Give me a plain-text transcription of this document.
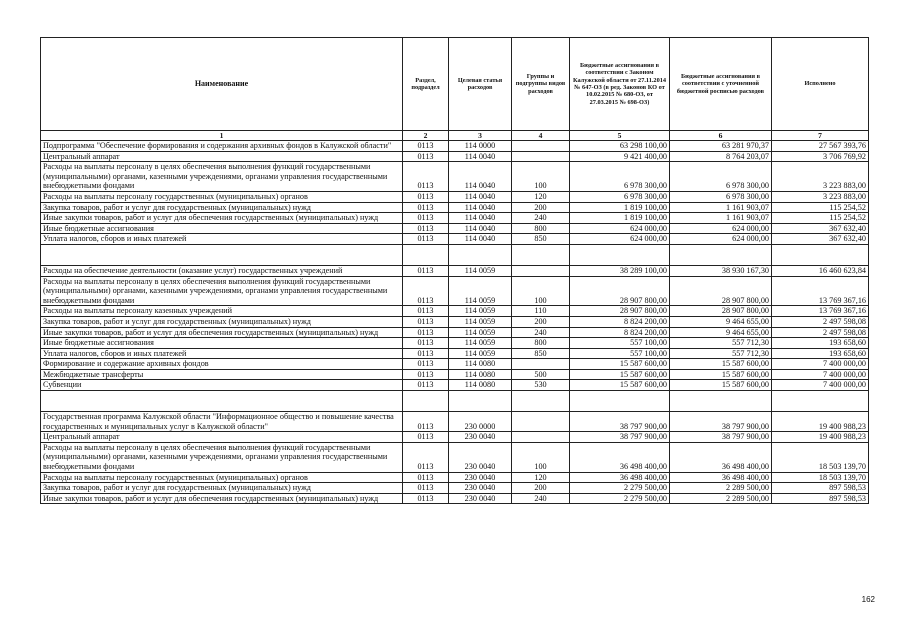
Наименование	Раздел, подраздел	Целевая статья расходов	Группы и подгруппы видов расходов	Бюджетные ассигнования в соответствии с Законом Калужской области от 27.11.2014 № 647-ОЗ (в ред. Законов КО от 10.02.2015 № 680-ОЗ, от 27.03.2015 № 698-ОЗ)	Бюджетные ассигнования в соответствии с уточненной бюджетной росписью расходов	Исполнено
1	2	3	4	5	6	7
Подпрограмма "Обеспечение формирования и содержания архивных фондов в Калужской области"	0113	114 0000		63 298 100,00	63 281 970,37	27 567 393,76
Центральный аппарат	0113	114 0040		9 421 400,00	8 764 203,07	3 706 769,92
Расходы на выплаты персоналу в целях обеспечения выполнения функций государственными (муниципальными) органами, казенными учреждениями, органами управления государственными внебюджетными фондами	0113	114 0040	100	6 978 300,00	6 978 300,00	3 223 883,00
Расходы на выплаты персоналу государственных (муниципальных) органов	0113	114 0040	120	6 978 300,00	6 978 300,00	3 223 883,00
Закупка товаров, работ и услуг для государственных (муниципальных) нужд	0113	114 0040	200	1 819 100,00	1 161 903,07	115 254,52
Иные закупки товаров, работ и услуг для обеспечения государственных (муниципальных) нужд	0113	114 0040	240	1 819 100,00	1 161 903,07	115 254,52
Иные бюджетные ассигнования	0113	114 0040	800	624 000,00	624 000,00	367 632,40
Уплата налогов, сборов и иных платежей	0113	114 0040	850	624 000,00	624 000,00	367 632,40

Расходы на обеспечение деятельности (оказание услуг) государственных учреждений	0113	114 0059		38 289 100,00	38 930 167,30	16 460 623,84
Расходы на выплаты персоналу в целях обеспечения выполнения функций государственными (муниципальными) органами, казенными учреждениями, органами управления государственными внебюджетными фондами	0113	114 0059	100	28 907 800,00	28 907 800,00	13 769 367,16
Расходы на выплаты персоналу казенных учреждений	0113	114 0059	110	28 907 800,00	28 907 800,00	13 769 367,16
Закупка товаров, работ и услуг для государственных (муниципальных) нужд	0113	114 0059	200	8 824 200,00	9 464 655,00	2 497 598,08
Иные закупки товаров, работ и услуг для обеспечения государственных (муниципальных) нужд	0113	114 0059	240	8 824 200,00	9 464 655,00	2 497 598,08
Иные бюджетные ассигнования	0113	114 0059	800	557 100,00	557 712,30	193 658,60
Уплата налогов, сборов и иных платежей	0113	114 0059	850	557 100,00	557 712,30	193 658,60
Формирование и содержание архивных фондов	0113	114 0080		15 587 600,00	15 587 600,00	7 400 000,00
Межбюджетные трансферты	0113	114 0080	500	15 587 600,00	15 587 600,00	7 400 000,00
Субвенции	0113	114 0080	530	15 587 600,00	15 587 600,00	7 400 000,00

Государственная программа Калужской области "Информационное общество и повышение качества государственных и муниципальных услуг в Калужской области"	0113	230 0000		38 797 900,00	38 797 900,00	19 400 988,23
Центральный аппарат	0113	230 0040		38 797 900,00	38 797 900,00	19 400 988,23
Расходы на выплаты персоналу в целях обеспечения выполнения функций государственными (муниципальными) органами, казенными учреждениями, органами управления государственными внебюджетными фондами	0113	230 0040	100	36 498 400,00	36 498 400,00	18 503 139,70
Расходы на выплаты персоналу государственных (муниципальных) органов	0113	230 0040	120	36 498 400,00	36 498 400,00	18 503 139,70
Закупка товаров, работ и услуг для государственных (муниципальных) нужд	0113	230 0040	200	2 279 500,00	2 289 500,00	897 598,53
Иные закупки товаров, работ и услуг для обеспечения государственных (муниципальных) нужд	0113	230 0040	240	2 279 500,00	2 289 500,00	897 598,53
162
